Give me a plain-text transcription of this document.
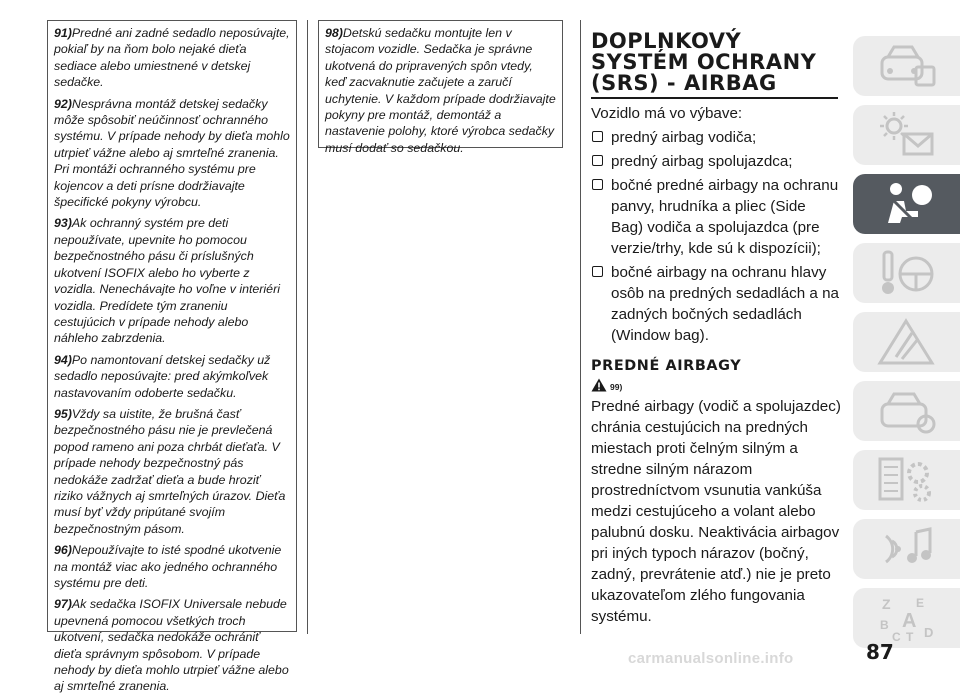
91)Predné ani zadné sedadlo neposúvajte, pokiaľ by na ňom bolo nejaké dieťa sediace alebo umiestnené v detskej sedačke.

92)Nesprávna montáž detskej sedačky môže spôsobiť neúčinnosť ochranného systému. V prípade nehody by dieťa mohlo utrpieť vážne alebo aj smrteľné zranenia. Pri montáži ochranného systému pre kojencov a deti prísne dodržiavajte špecifické pokyny výrobcu.

93)Ak ochranný systém pre deti nepoužívate, upevnite ho pomocou bezpečnostného pásu či príslušných ukotvení ISOFIX alebo ho vyberte z vozidla. Nenechávajte ho voľne v interiéri vozidla. Predídete tým zraneniu cestujúcich v prípade nehody alebo náhleho zabrzdenia.

94)Po namontovaní detskej sedačky už sedadlo neposúvajte: pred akýmkoľvek nastavovaním odoberte sedačku.

95)Vždy sa uistite, že brušná časť bezpečnostného pásu nie je prevlečená popod rameno ani poza chrbát dieťaťa. V prípade nehody bezpečnostný pás nedokáže zadržať dieťa a bude hroziť riziko vážnych aj smrteľných úrazov. Dieťa musí byť vždy pripútané svojím bezpečnostným pásom.

96)Nepoužívajte to isté spodné ukotvenie na montáž viac ako jedného ochranného systému pre deti.

97)Ak sedačka ISOFIX Universale nebude upevnená pomocou všetkých troch ukotvení, sedačka nedokáže ochrániť dieťa správnym spôsobom. V prípade nehody by dieťa mohlo utrpieť vážne alebo aj smrteľné zranenia.

98)Detskú sedačku montujte len v stojacom vozidle. Sedačka je správne ukotvená do pripravených spôn vtedy, keď zacvaknutie začujete a zaručí uchytenie. V každom prípade dodržiavajte pokyny pre montáž, demontáž a nastavenie polohy, ktoré výrobca sedačky musí dodať so sedačkou.

DOPLNKOVÝ
SYSTÉM OCHRANY
(SRS) - AIRBAG

Vozidlo má vo výbave:

predný airbag vodiča;
predný airbag spolujazdca;
bočné predné airbagy na ochranu panvy, hrudníka a pliec (Side Bag) vodiča a spolujazdca (pre verzie/trhy, kde sú k dispozícii);
bočné airbagy na ochranu hlavy osôb na predných sedadlách a na zadných bočných sedadlách (Window bag).
PREDNÉ AIRBAGY
99)

Predné airbagy (vodič a spolujazdec) chránia cestujúcich na predných miestach proti čelným silným a stredne silným nárazom prostredníctvom vsunutia vankúša medzi cestujúceho a volant alebo palubnú dosku. Neaktivácia airbagov pri iných typoch nárazov (bočný, zadný, prevrátenie atď.) nie je preto ukazovateľom zlého fungovania systému.

Z E
A
B
C T D
87
carmanualsonline.info
